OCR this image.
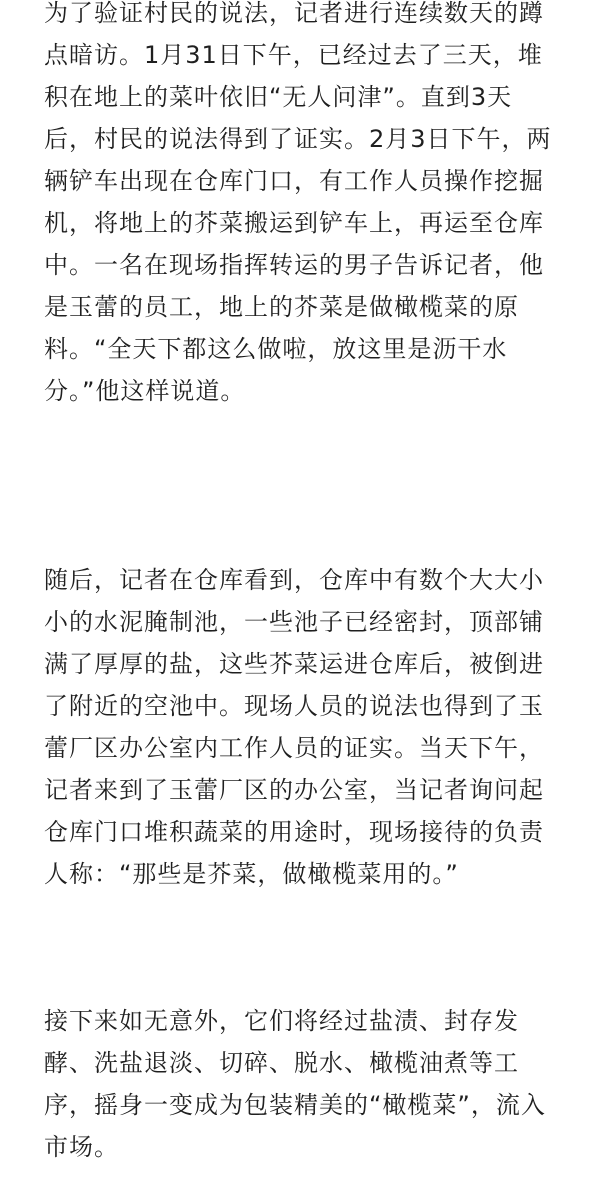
为了验证村民的说法，记者进行连续数天的蹲
点暗访。1月31日下午，已经过去了三天，堆
积在地上的菜叶依旧“无人问津”。直到3天
后，村民的说法得到了证实。2月3日下午，两
辆铲车出现在仓库门口，有工作人员操作挖掘
机，将地上的芥菜搬运到铲车上，再运至仓库
中。一名在现场指挥转运的男子告诉记者，他
是玉蕾的员工，地上的芥菜是做橄榄菜的原
料。“全天下都这么做啦，放这里是沥干水
分。”他这样说道。

随后，记者在仓库看到，仓库中有数个大大小
小的水泥腌制池，一些池子已经密封，顶部铺
满了厚厚的盐，这些芥菜运进仓库后，被倒进
了附近的空池中。现场人员的说法也得到了玉
蕾厂区办公室内工作人员的证实。当天下午，
记者来到了玉蕾厂区的办公室，当记者询问起
仓库门口堆积蔬菜的用途时，现场接待的负责
人称：“那些是芥菜，做橄榄菜用的。”

接下来如无意外，它们将经过盐渍、封存发
酵、洗盐退淡、切碎、脱水、橄榄油煮等工
序，摇身一变成为包装精美的“橄榄菜”，流入
市场。
